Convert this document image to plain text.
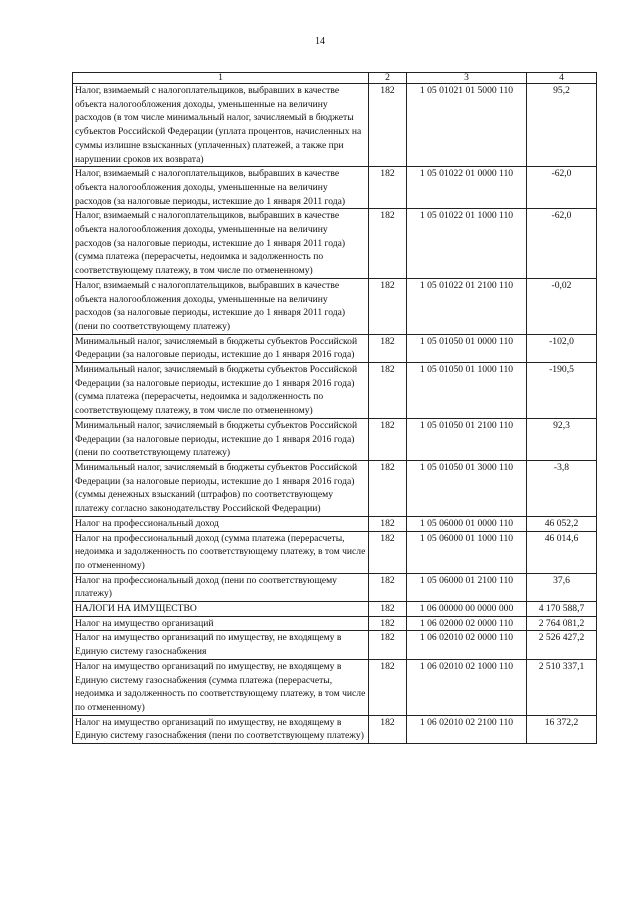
14
1	2	3	4
Налог, взимаемый с налогоплательщиков, выбравших в качестве объекта налогообложения доходы, уменьшенные на величину расходов (в том числе минимальный налог, зачисляемый в бюджеты субъектов Российской Федерации (уплата процентов, начисленных на суммы излишне взысканных (уплаченных) платежей, а также при нарушении сроков их возврата)	182	1 05 01021 01 5000 110	95,2
Налог, взимаемый с налогоплательщиков, выбравших в качестве объекта налогообложения доходы, уменьшенные на величину расходов (за налоговые периоды, истекшие до 1 января 2011 года)	182	1 05 01022 01 0000 110	-62,0
Налог, взимаемый с налогоплательщиков, выбравших в качестве объекта налогообложения доходы, уменьшенные на величину расходов (за налоговые периоды, истекшие до 1 января 2011 года) (сумма платежа (перерасчеты, недоимка и задолженность по соответствующему платежу, в том числе по отмененному)	182	1 05 01022 01 1000 110	-62,0
Налог, взимаемый с налогоплательщиков, выбравших в качестве объекта налогообложения доходы, уменьшенные на величину расходов (за налоговые периоды, истекшие до 1 января 2011 года) (пени по соответствующему платежу)	182	1 05 01022 01 2100 110	-0,02
Минимальный налог, зачисляемый в бюджеты субъектов Российской Федерации (за налоговые периоды, истекшие до 1 января 2016 года)	182	1 05 01050 01 0000 110	-102,0
Минимальный налог, зачисляемый в бюджеты субъектов Российской Федерации (за налоговые периоды, истекшие до 1 января 2016 года) (сумма платежа (перерасчеты, недоимка и задолженность по соответствующему платежу, в том числе по отмененному)	182	1 05 01050 01 1000 110	-190,5
Минимальный налог, зачисляемый в бюджеты субъектов Российской Федерации (за налоговые периоды, истекшие до 1 января 2016 года) (пени по соответствующему платежу)	182	1 05 01050 01 2100 110	92,3
Минимальный налог, зачисляемый в бюджеты субъектов Российской Федерации (за налоговые периоды, истекшие до 1 января 2016 года) (суммы денежных взысканий (штрафов) по соответствующему платежу согласно законодательству Российской Федерации)	182	1 05 01050 01 3000 110	-3,8
Налог на профессиональный доход	182	1 05 06000 01 0000 110	46 052,2
Налог на профессиональный доход (сумма платежа (перерасчеты, недоимка и задолженность по соответствующему платежу, в том числе по отмененному)	182	1 05 06000 01 1000 110	46 014,6
Налог на профессиональный доход (пени по соответствующему платежу)	182	1 05 06000 01 2100 110	37,6
НАЛОГИ НА ИМУЩЕСТВО	182	1 06 00000 00 0000 000	4 170 588,7
Налог на имущество организаций	182	1 06 02000 02 0000 110	2 764 081,2
Налог на имущество организаций по имуществу, не входящему в Единую систему газоснабжения	182	1 06 02010 02 0000 110	2 526 427,2
Налог на имущество организаций по имуществу, не входящему в Единую систему газоснабжения (сумма платежа (перерасчеты, недоимка и задолженность по соответствующему платежу, в том числе по отмененному)	182	1 06 02010 02 1000 110	2 510 337,1
Налог на имущество организаций по имуществу, не входящему в Единую систему газоснабжения (пени по соответствующему платежу)	182	1 06 02010 02 2100 110	16 372,2
